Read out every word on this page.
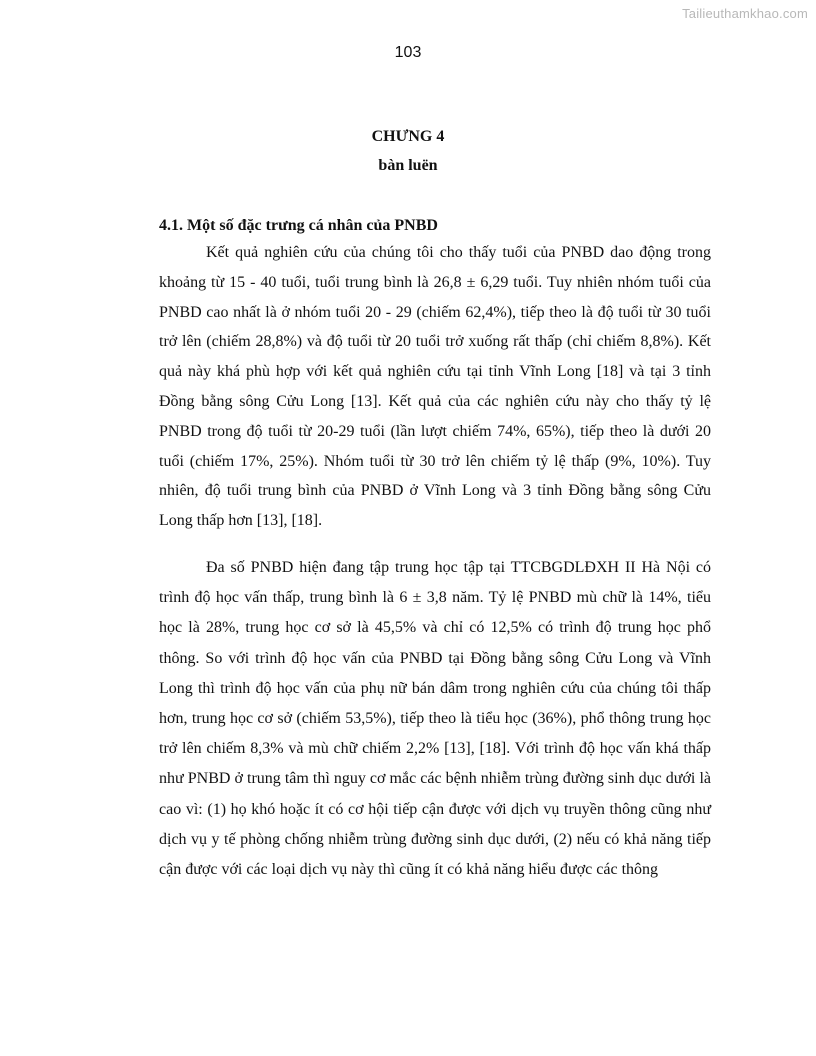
Tailieuthamkhao.com
103
CHƯNG 4
bàn luën

4.1. Một số đặc trưng cá nhân của PNBD

Kết quả nghiên cứu của chúng tôi cho thấy tuổi của PNBD dao động trong khoảng từ 15 - 40 tuổi, tuổi trung bình là 26,8 ± 6,29 tuổi. Tuy nhiên nhóm tuổi của PNBD cao nhất là ở nhóm tuổi 20 - 29 (chiếm 62,4%), tiếp theo là độ tuổi từ 30 tuổi trở lên (chiếm 28,8%) và độ tuổi từ 20 tuổi trở xuống rất thấp (chỉ chiếm 8,8%). Kết quả này khá phù hợp với kết quả nghiên cứu tại tỉnh Vĩnh Long [18] và tại 3 tỉnh Đồng bằng sông Cửu Long [13]. Kết quả của các nghiên cứu này cho thấy tỷ lệ PNBD trong độ tuổi từ 20-29 tuổi (lần lượt chiếm 74%, 65%), tiếp theo là dưới 20 tuổi (chiếm 17%, 25%). Nhóm tuổi từ 30 trở lên chiếm tỷ lệ thấp (9%, 10%). Tuy nhiên, độ tuổi trung bình của PNBD ở Vĩnh Long và 3 tỉnh Đồng bằng sông Cửu Long thấp hơn [13], [18].

Đa số PNBD hiện đang tập trung học tập tại TTCBGDLĐXH II Hà Nội có trình độ học vấn thấp, trung bình là 6 ± 3,8 năm. Tỷ lệ PNBD mù chữ là 14%, tiểu học là 28%, trung học cơ sở là 45,5% và chỉ có 12,5% có trình độ trung học phổ thông. So với trình độ học vấn của PNBD tại Đồng bằng sông Cửu Long và Vĩnh Long thì trình độ học vấn của phụ nữ bán dâm trong nghiên cứu của chúng tôi thấp hơn, trung học cơ sở (chiếm 53,5%), tiếp theo là tiểu học (36%), phổ thông trung học trở lên chiếm 8,3% và mù chữ chiếm 2,2% [13], [18]. Với trình độ học vấn khá thấp như PNBD ở trung tâm thì nguy cơ mắc các bệnh nhiễm trùng đường sinh dục dưới là cao vì: (1) họ khó hoặc ít có cơ hội tiếp cận được với dịch vụ truyền thông cũng như dịch vụ y tế phòng chống nhiễm trùng đường sinh dục dưới, (2) nếu có khả năng tiếp cận được với các loại dịch vụ này thì cũng ít có khả năng hiểu được các thông
